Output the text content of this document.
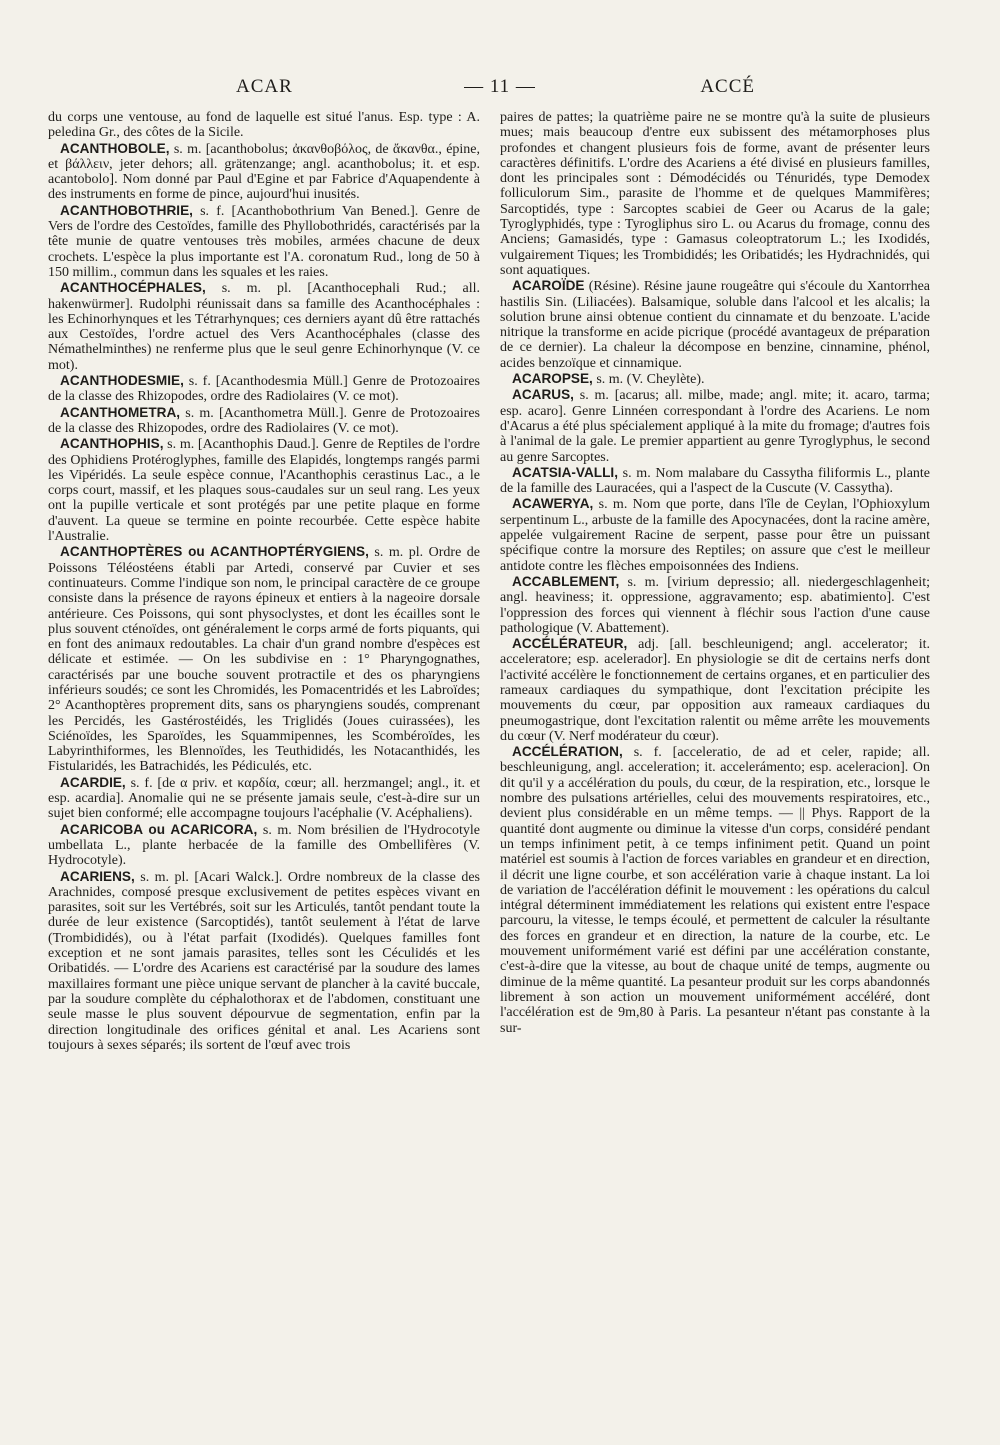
ACAR	— 11 —	ACCÉ

du corps une ventouse, au fond de laquelle est situé l'anus. Esp. type : A. peledina Gr., des côtes de la Sicile.

ACANTHOBOLE, s. m. [acanthobolus; ἀκανθοβόλος, de ἄκανθα., épine, et βάλλειν, jeter dehors; all. grätenzange; angl. acanthobolus; it. et esp. acantobolo]. Nom donné par Paul d'Egine et par Fabrice d'Aquapendente à des instruments en forme de pince, aujourd'hui inusités.

ACANTHOBOTHRIE, s. f. [Acanthobothrium Van Bened.]. Genre de Vers de l'ordre des Cestoïdes, famille des Phyllobothridés, caractérisés par la tête munie de quatre ventouses très mobiles, armées chacune de deux crochets. L'espèce la plus importante est l'A. coronatum Rud., long de 50 à 150 millim., commun dans les squales et les raies.

ACANTHOCÉPHALES, s. m. pl. [Acanthocephali Rud.; all. hakenwürmer]. Rudolphi réunissait dans sa famille des Acanthocéphales : les Echinorhynques et les Tétrarhynques; ces derniers ayant dû être rattachés aux Cestoïdes, l'ordre actuel des Vers Acanthocéphales (classe des Némathelminthes) ne renferme plus que le seul genre Echinorhynque (V. ce mot).

ACANTHODESMIE, s. f. [Acanthodesmia Müll.] Genre de Protozoaires de la classe des Rhizopodes, ordre des Radiolaires (V. ce mot).

ACANTHOMETRA, s. m. [Acanthometra Müll.]. Genre de Protozoaires de la classe des Rhizopodes, ordre des Radiolaires (V. ce mot).

ACANTHOPHIS, s. m. [Acanthophis Daud.]. Genre de Reptiles de l'ordre des Ophidiens Protéroglyphes, famille des Elapidés, longtemps rangés parmi les Vipéridés. La seule espèce connue, l'Acanthophis cerastinus Lac., a le corps court, massif, et les plaques sous-caudales sur un seul rang. Les yeux ont la pupille verticale et sont protégés par une petite plaque en forme d'auvent. La queue se termine en pointe recourbée. Cette espèce habite l'Australie.

ACANTHOPTÈRES ou ACANTHOPTÉRYGIENS, s. m. pl. Ordre de Poissons Téléostéens établi par Artedi, conservé par Cuvier et ses continuateurs. Comme l'indique son nom, le principal caractère de ce groupe consiste dans la présence de rayons épineux et entiers à la nageoire dorsale antérieure. Ces Poissons, qui sont physoclystes, et dont les écailles sont le plus souvent cténoïdes, ont généralement le corps armé de forts piquants, qui en font des animaux redoutables. La chair d'un grand nombre d'espèces est délicate et estimée. — On les subdivise en : 1° Pharyngognathes, caractérisés par une bouche souvent protractile et des os pharyngiens inférieurs soudés; ce sont les Chromidés, les Pomacentridés et les Labroïdes; 2° Acanthoptères proprement dits, sans os pharyngiens soudés, comprenant les Percidés, les Gastérostéidés, les Triglidés (Joues cuirassées), les Sciénoïdes, les Sparoïdes, les Squammipennes, les Scombéroïdes, les Labyrinthiformes, les Blennoïdes, les Teuthididés, les Notacanthidés, les Fistularidés, les Batrachidés, les Pédiculés, etc.

ACARDIE, s. f. [de α priv. et καρδία, cœur; all. herzmangel; angl., it. et esp. acardia]. Anomalie qui ne se présente jamais seule, c'est-à-dire sur un sujet bien conformé; elle accompagne toujours l'acéphalie (V. Acéphaliens).

ACARICOBA ou ACARICORA, s. m. Nom brésilien de l'Hydrocotyle umbellata L., plante herbacée de la famille des Ombellifères (V. Hydrocotyle).

ACARIENS, s. m. pl. [Acari Walck.]. Ordre nombreux de la classe des Arachnides, composé presque exclusivement de petites espèces vivant en parasites, soit sur les Vertébrés, soit sur les Articulés, tantôt pendant toute la durée de leur existence (Sarcoptidés), tantôt seulement à l'état de larve (Trombididés), ou à l'état parfait (Ixodidés). Quelques familles font exception et ne sont jamais parasites, telles sont les Céculidés et les Oribatidés. — L'ordre des Acariens est caractérisé par la soudure des lames maxillaires formant une pièce unique servant de plancher à la cavité buccale, par la soudure complète du céphalothorax et de l'abdomen, constituant une seule masse le plus souvent dépourvue de segmentation, enfin par la direction longitudinale des orifices génital et anal. Les Acariens sont toujours à sexes séparés; ils sortent de l'œuf avec trois

paires de pattes; la quatrième paire ne se montre qu'à la suite de plusieurs mues; mais beaucoup d'entre eux subissent des métamorphoses plus profondes et changent plusieurs fois de forme, avant de présenter leurs caractères définitifs. L'ordre des Acariens a été divisé en plusieurs familles, dont les principales sont : Démodécidés ou Ténuridés, type Demodex folliculorum Sim., parasite de l'homme et de quelques Mammifères; Sarcoptidés, type : Sarcoptes scabiei de Geer ou Acarus de la gale; Tyroglyphidés, type : Tyrogliphus siro L. ou Acarus du fromage, connu des Anciens; Gamasidés, type : Gamasus coleoptratorum L.; les Ixodidés, vulgairement Tiques; les Trombididés; les Oribatidés; les Hydrachnidés, qui sont aquatiques.

ACAROÏDE (Résine). Résine jaune rougeâtre qui s'écoule du Xantorrhea hastilis Sin. (Liliacées). Balsamique, soluble dans l'alcool et les alcalis; la solution brune ainsi obtenue contient du cinnamate et du benzoate. L'acide nitrique la transforme en acide picrique (procédé avantageux de préparation de ce dernier). La chaleur la décompose en benzine, cinnamine, phénol, acides benzoïque et cinnamique.

ACAROPSE, s. m. (V. Cheylète).

ACARUS, s. m. [acarus; all. milbe, made; angl. mite; it. acaro, tarma; esp. acaro]. Genre Linnéen correspondant à l'ordre des Acariens. Le nom d'Acarus a été plus spécialement appliqué à la mite du fromage; d'autres fois à l'animal de la gale. Le premier appartient au genre Tyroglyphus, le second au genre Sarcoptes.

ACATSIA-VALLI, s. m. Nom malabare du Cassytha filiformis L., plante de la famille des Lauracées, qui a l'aspect de la Cuscute (V. Cassytha).

ACAWERYA, s. m. Nom que porte, dans l'île de Ceylan, l'Ophioxylum serpentinum L., arbuste de la famille des Apocynacées, dont la racine amère, appelée vulgairement Racine de serpent, passe pour être un puissant spécifique contre la morsure des Reptiles; on assure que c'est le meilleur antidote contre les flèches empoisonnées des Indiens.

ACCABLEMENT, s. m. [virium depressio; all. niedergeschlagenheit; angl. heaviness; it. oppressione, aggravamento; esp. abatimiento]. C'est l'oppression des forces qui viennent à fléchir sous l'action d'une cause pathologique (V. Abattement).

ACCÉLÉRATEUR, adj. [all. beschleunigend; angl. accelerator; it. acceleratore; esp. acelerador]. En physiologie se dit de certains nerfs dont l'activité accélère le fonctionnement de certains organes, et en particulier des rameaux cardiaques du sympathique, dont l'excitation précipite les mouvements du cœur, par opposition aux rameaux cardiaques du pneumogastrique, dont l'excitation ralentit ou même arrête les mouvements du cœur (V. Nerf modérateur du cœur).

ACCÉLÉRATION, s. f. [acceleratio, de ad et celer, rapide; all. beschleunigung, angl. acceleration; it. accelerámento; esp. aceleracion]. On dit qu'il y a accélération du pouls, du cœur, de la respiration, etc., lorsque le nombre des pulsations artérielles, celui des mouvements respiratoires, etc., devient plus considérable en un même temps. — || Phys. Rapport de la quantité dont augmente ou diminue la vitesse d'un corps, considéré pendant un temps infiniment petit, à ce temps infiniment petit. Quand un point matériel est soumis à l'action de forces variables en grandeur et en direction, il décrit une ligne courbe, et son accélération varie à chaque instant. La loi de variation de l'accélération définit le mouvement : les opérations du calcul intégral déterminent immédiatement les relations qui existent entre l'espace parcouru, la vitesse, le temps écoulé, et permettent de calculer la résultante des forces en grandeur et en direction, la nature de la courbe, etc. Le mouvement uniformément varié est défini par une accélération constante, c'est-à-dire que la vitesse, au bout de chaque unité de temps, augmente ou diminue de la même quantité. La pesanteur produit sur les corps abandonnés librement à son action un mouvement uniformément accéléré, dont l'accélération est de 9m,80 à Paris. La pesanteur n'étant pas constante à la sur-
